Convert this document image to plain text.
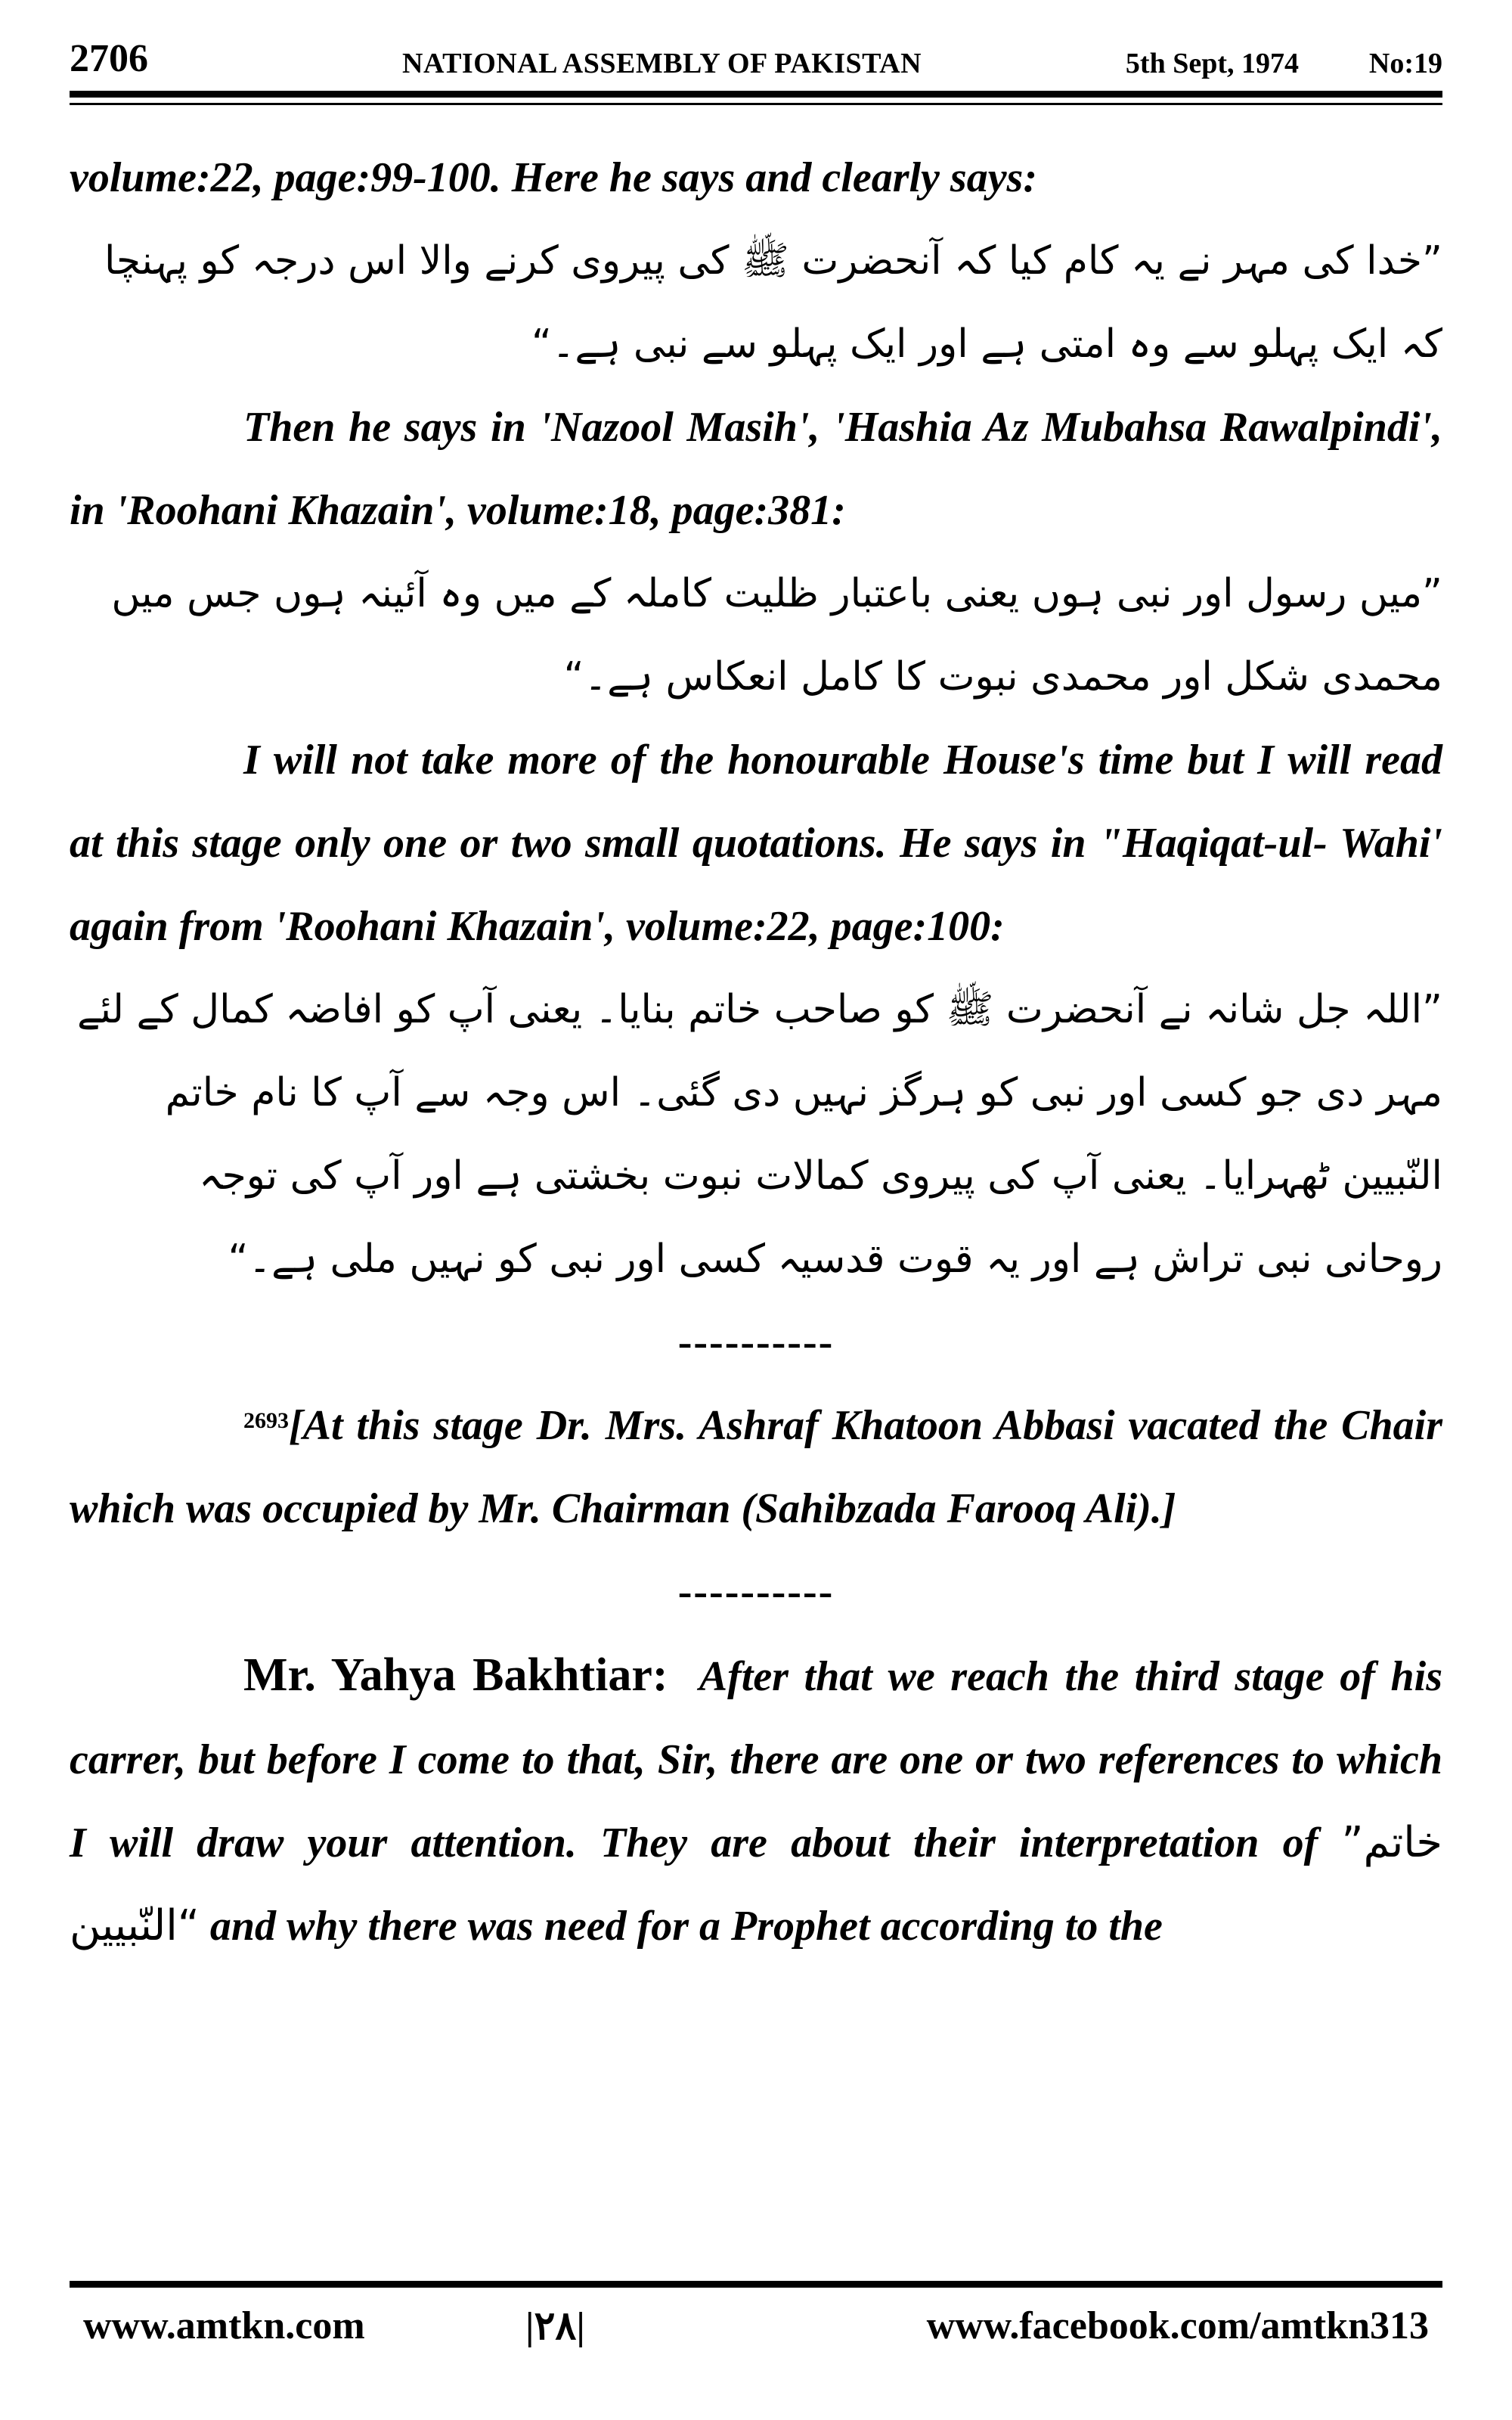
2706	NATIONAL ASSEMBLY OF PAKISTAN	5th Sept, 1974 No:19

volume:22, page:99-100. Here he says and clearly says:

”خدا کی مہر نے یہ کام کیا کہ آنحضرت ﷺ کی پیروی کرنے والا اس درجہ کو پہنچا کہ ایک پہلو سے وہ امتی ہے اور ایک پہلو سے نبی ہے۔“

Then he says in 'Nazool Masih', 'Hashia Az Mubahsa Rawalpindi', in 'Roohani Khazain', volume:18, page:381:

”میں رسول اور نبی ہوں یعنی باعتبار ظلیت کاملہ کے میں وہ آئینہ ہوں جس میں محمدی شکل اور محمدی نبوت کا کامل انعکاس ہے۔“

I will not take more of the honourable House's time but I will read at this stage only one or two small quotations. He says in "Haqiqat-ul- Wahi' again from 'Roohani Khazain', volume:22, page:100:

”اللہ جل شانہ نے آنحضرت ﷺ کو صاحب خاتم بنایا۔ یعنی آپ کو افاضہ کمال کے لئے مہر دی جو کسی اور نبی کو ہرگز نہیں دی گئی۔ اس وجہ سے آپ کا نام خاتم النّبیین ٹھہرایا۔ یعنی آپ کی پیروی کمالات نبوت بخشتی ہے اور آپ کی توجہ روحانی نبی تراش ہے اور یہ قوت قدسیہ کسی اور نبی کو نہیں ملی ہے۔“

----------

$^{2693}$[At this stage Dr. Mrs. Ashraf Khatoon Abbasi vacated the Chair which was occupied by Mr. Chairman (Sahibzada Farooq Ali).]

----------

Mr. Yahya Bakhtiar: After that we reach the third stage of his carrer, but before I come to that, Sir, there are one or two references to which I will draw your attention. They are about their interpretation of ”خاتم النّبیین“ and why there was need for a Prophet according to the

www.amtkn.com	|٢٨|	www.facebook.com/amtkn313
